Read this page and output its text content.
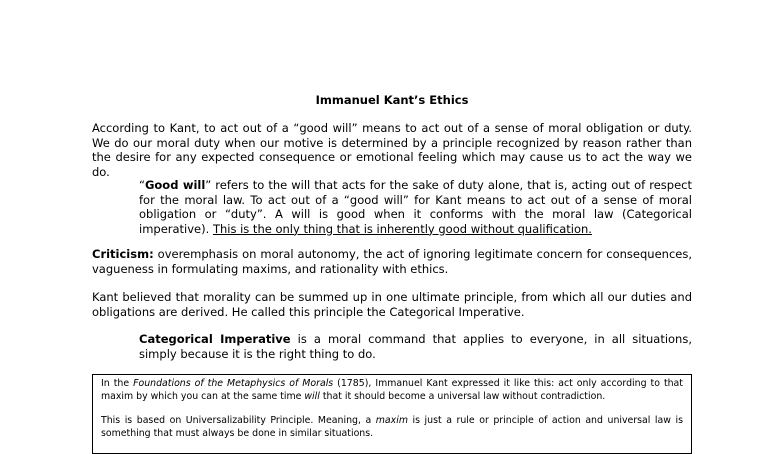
Immanuel Kant’s Ethics

According to Kant, to act out of a “good will” means to act out of a sense of moral obligation or duty. We do our moral duty when our motive is determined by a principle recognized by reason rather than the desire for any expected consequence or emotional feeling which may cause us to act the way we do.

“Good will” refers to the will that acts for the sake of duty alone, that is, acting out of respect for the moral law. To act out of a “good will” for Kant means to act out of a sense of moral obligation or “duty”. A will is good when it conforms with the moral law (Categorical imperative). This is the only thing that is inherently good without qualification.

Criticism: overemphasis on moral autonomy, the act of ignoring legitimate concern for consequences, vagueness in formulating maxims, and rationality with ethics.

Kant believed that morality can be summed up in one ultimate principle, from which all our duties and obligations are derived. He called this principle the Categorical Imperative.

Categorical Imperative is a moral command that applies to everyone, in all situations, simply because it is the right thing to do.

In the Foundations of the Metaphysics of Morals (1785), Immanuel Kant expressed it like this: act only according to that maxim by which you can at the same time will that it should become a universal law without contradiction.

This is based on Universalizability Principle. Meaning, a maxim is just a rule or principle of action and universal law is something that must always be done in similar situations.
